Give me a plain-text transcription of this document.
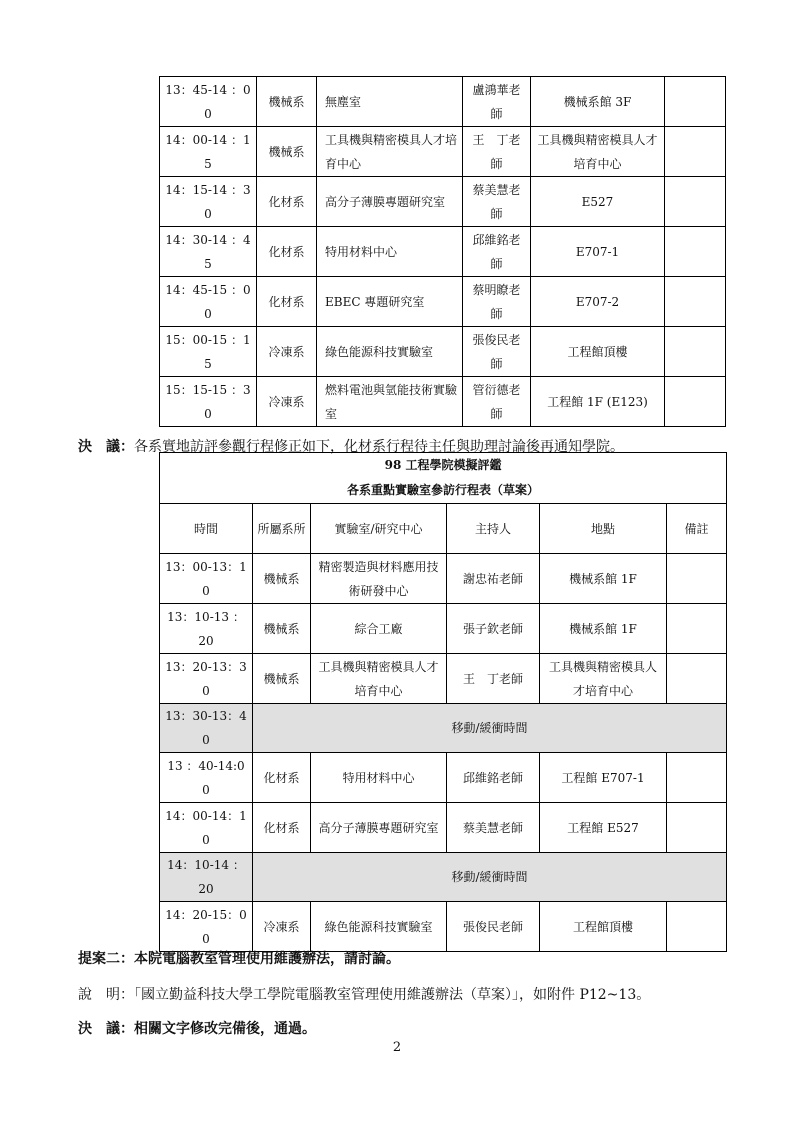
13：45-14 ：00	機械系	無塵室	盧鴻華老師	機械系館 3F	
14：00-14 ：15	機械系	工具機與精密模具人才培育中心	王　丁老師	工具機與精密模具人才培育中心	
14：15-14 ：30	化材系	高分子薄膜專題研究室	蔡美慧老師	E527	
14：30-14 ：45	化材系	特用材料中心	邱維銘老師	E707-1	
14：45-15 ：00	化材系	EBEC 專題研究室	蔡明瞭老師	E707-2	
15：00-15 ：15	冷凍系	綠色能源科技實驗室	張俊民老師	工程館頂樓	
15：15-15 ：30	冷凍系	燃料電池與氫能技術實驗室	管衍德老師	工程館 1F (E123)	
決　議：各系實地訪評參觀行程修正如下，化材系行程待主任與助理討論後再通知學院。
98 工程學院模擬評鑑					
各系重點實驗室參訪行程表（草案）					
時間	所屬系所	實驗室/研究中心	主持人	地點	備註
13：00-13：10	機械系	精密製造與材料應用技術研發中心	謝忠祐老師	機械系館 1F	
13：10-13 ：20	機械系	綜合工廠	張子欽老師	機械系館 1F	
13：20-13：30	機械系	工具機與精密模具人才培育中心	王　丁老師	工具機與精密模具人才培育中心	
13：30-13：40	移動/緩衝時間				
13 ：40-14:00	化材系	特用材料中心	邱維銘老師	工程館 E707-1	
14：00-14：10	化材系	高分子薄膜專題研究室	蔡美慧老師	工程館 E527	
14：10-14 ：20	移動/緩衝時間				
14：20-15：00	冷凍系	綠色能源科技實驗室	張俊民老師	工程館頂樓	
提案二：本院電腦教室管理使用維護辦法，請討論。
說　明：「國立勤益科技大學工學院電腦教室管理使用維護辦法（草案）」，如附件 P12~13。
決　議：相關文字修改完備後，通過。
2
